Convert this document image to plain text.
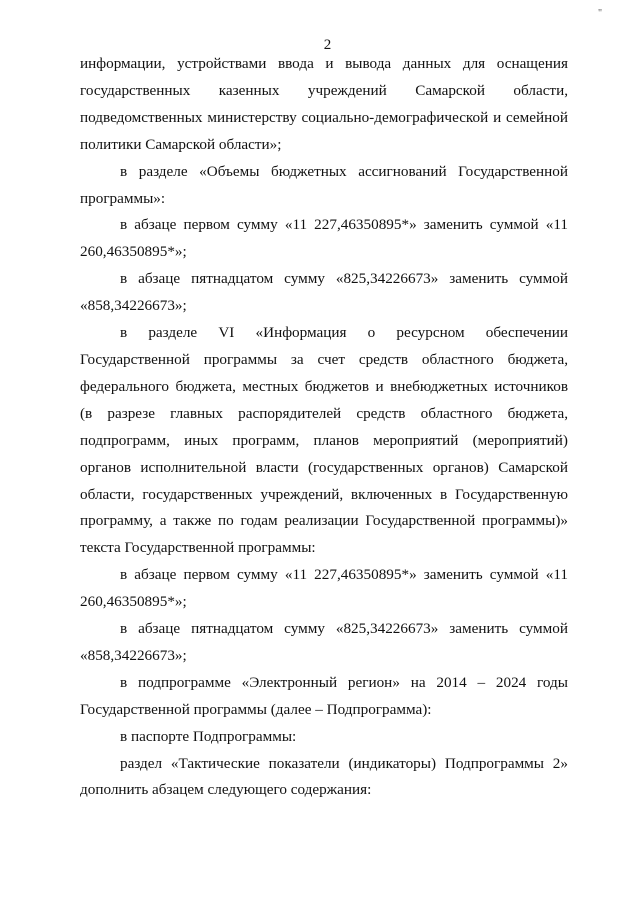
"
2

информации, устройствами ввода и вывода данных для оснащения государственных казенных учреждений Самарской области, подведомственных министерству социально-демографической и семейной политики Самарской области»;

в разделе «Объемы бюджетных ассигнований Государственной программы»:

в абзаце первом сумму «11 227,46350895*» заменить суммой «11 260,46350895*»;

в абзаце пятнадцатом сумму «825,34226673» заменить суммой «858,34226673»;

в разделе VI «Информация о ресурсном обеспечении Государственной программы за счет средств областного бюджета, федерального бюджета, местных бюджетов и внебюджетных источников (в разрезе главных распорядителей средств областного бюджета, подпрограмм, иных программ, планов мероприятий (мероприятий) органов исполнительной власти (государственных органов) Самарской области, государственных учреждений, включенных в Государственную программу, а также по годам реализации Государственной программы)» текста Государственной программы:

в абзаце первом сумму «11 227,46350895*» заменить суммой «11 260,46350895*»;

в абзаце пятнадцатом сумму «825,34226673» заменить суммой «858,34226673»;

в подпрограмме «Электронный регион» на 2014 – 2024 годы Государственной программы (далее – Подпрограмма):

в паспорте Подпрограммы:

раздел «Тактические показатели (индикаторы) Подпрограммы 2» дополнить абзацем следующего содержания:
